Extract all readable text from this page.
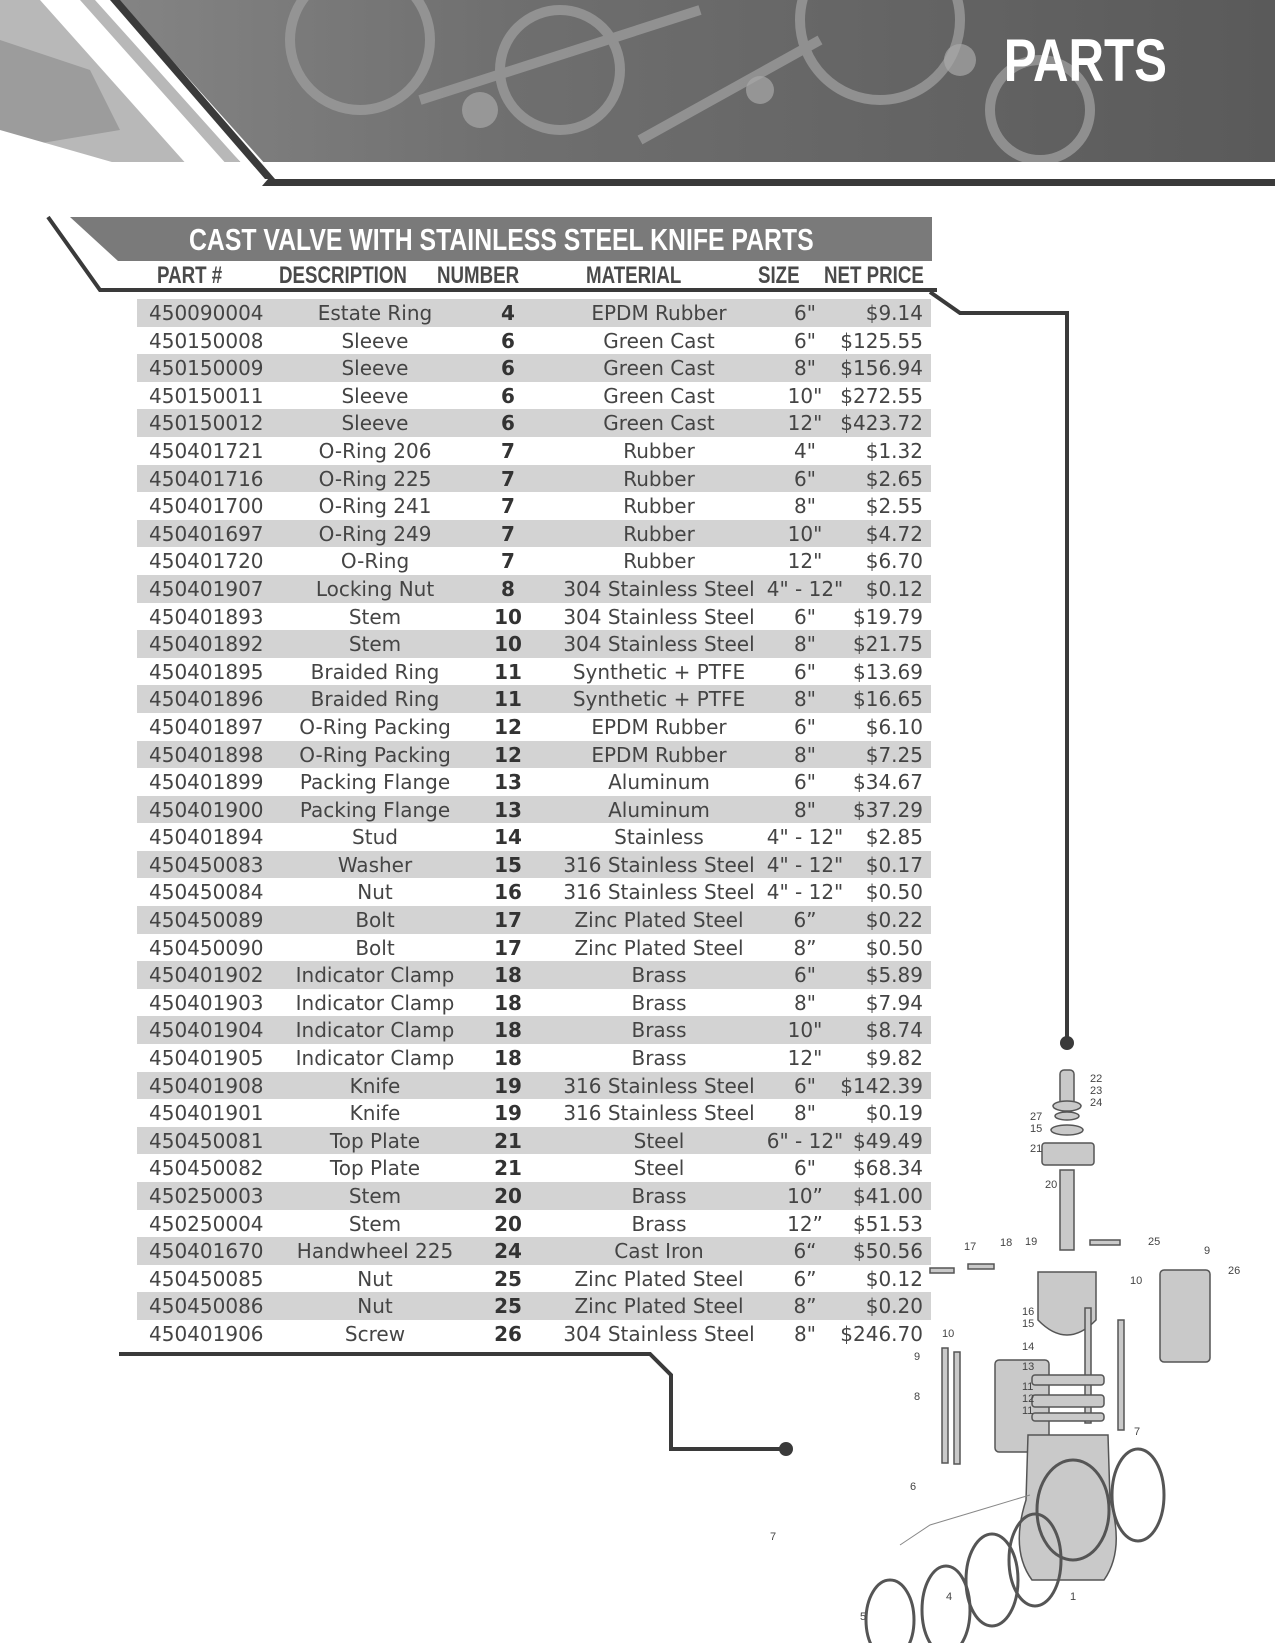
PARTS
CAST VALVE WITH STAINLESS STEEL KNIFE PARTS
PART # DESCRIPTION NUMBER	MATERIAL	SIZE NET PRICE
450090004	Estate Ring	4	EPDM Rubber	6"	$9.14
450150008	Sleeve	6	Green Cast	6"	$125.55
450150009	Sleeve	6	Green Cast	8"	$156.94
450150011	Sleeve	6	Green Cast	10" $272.55
450150012	Sleeve	6	Green Cast	12" $423.72
450401721	O-Ring 206	7	Rubber	4"	$1.32
450401716	O-Ring 225	7	Rubber	6"	$2.65
450401700	O-Ring 241	7	Rubber	8"	$2.55
450401697	O-Ring 249	7	Rubber	10"	$4.72
450401720	O-Ring	7	Rubber	12"	$6.70
450401907	Locking Nut	8	304 Stainless Steel 4" - 12"	$0.12
450401893	Stem	10	304 Stainless Steel	6"	$19.79
450401892	Stem	10	304 Stainless Steel	8"	$21.75
450401895	Braided Ring	11	Synthetic + PTFE	6"	$13.69
450401896	Braided Ring	11	Synthetic + PTFE	8"	$16.65
450401897	O-Ring Packing	12	EPDM Rubber	6"	$6.10
450401898	O-Ring Packing	12	EPDM Rubber	8"	$7.25
450401899	Packing Flange	13	Aluminum	6"	$34.67
450401900	Packing Flange	13	Aluminum	8"	$37.29
450401894	Stud	14	Stainless	4" - 12"	$2.85
450450083	Washer	15	316 Stainless Steel 4" - 12"	$0.17
450450084	Nut	16	316 Stainless Steel 4" - 12"	$0.50
450450089	Bolt	17	Zinc Plated Steel	6”	$0.22
450450090	Bolt	17	Zinc Plated Steel	8”	$0.50
450401902	Indicator Clamp	18	Brass	6"	$5.89
450401903	Indicator Clamp	18	Brass	8"	$7.94
450401904	Indicator Clamp	18	Brass	10"	$8.74
450401905	Indicator Clamp	18	Brass	12"	$9.82
450401908	Knife	19	316 Stainless Steel	6"	$142.39
450401901	Knife	19	316 Stainless Steel	8"	$0.19
450450081	Top Plate	21	Steel	6" - 12" $49.49
450450082	Top Plate	21	Steel	6"	$68.34
450250003	Stem	20	Brass	10”	$41.00
450250004	Stem	20	Brass	12”	$51.53
450401670	Handwheel 225	24	Cast Iron	6“	$50.56
450450085	Nut	25	Zinc Plated Steel	6”	$0.12
450450086	Nut	25	Zinc Plated Steel	8”	$0.20
450401906	Screw	26	304 Stainless Steel	8"	$246.70
22
23
24
27
15
21
20
25
17 18 19
9
26
10
16
15
14
13
11
12
11
10
9
8
7
6
7
5
4	1
